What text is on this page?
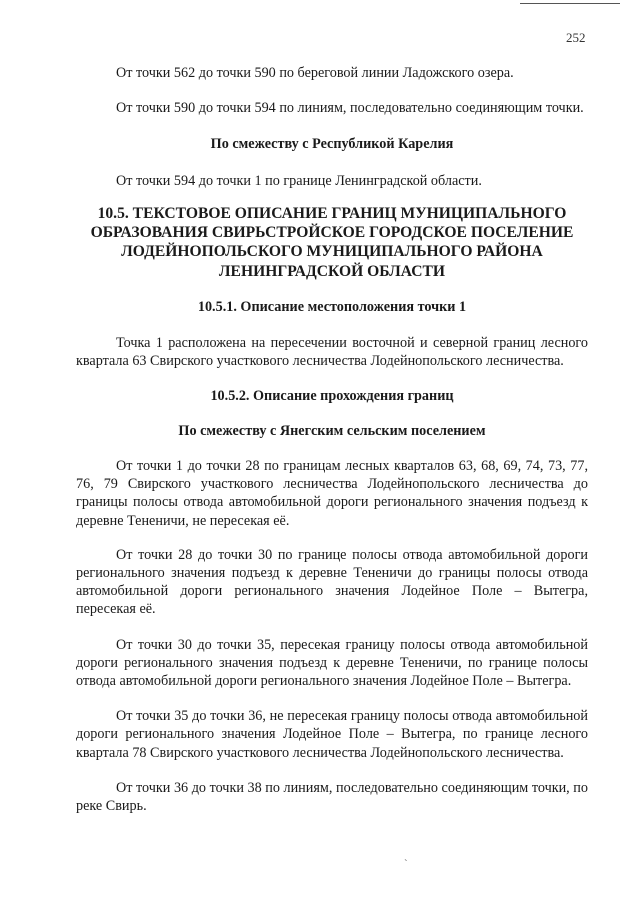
252

От точки 562 до точки 590 по береговой линии Ладожского озера.

От точки 590 до точки 594 по линиям, последовательно соединяющим точки.

По смежеству с Республикой Карелия

От точки 594 до точки 1 по границе Ленинградской области.

10.5. ТЕКСТОВОЕ ОПИСАНИЕ ГРАНИЦ МУНИЦИПАЛЬНОГО ОБРАЗОВАНИЯ СВИРЬСТРОЙСКОЕ ГОРОДСКОЕ ПОСЕЛЕНИЕ ЛОДЕЙНОПОЛЬСКОГО МУНИЦИПАЛЬНОГО РАЙОНА ЛЕНИНГРАДСКОЙ ОБЛАСТИ
10.5.1. Описание местоположения точки 1

Точка 1 расположена на пересечении восточной и северной границ лесного квартала 63 Свирского участкового лесничества Лодейнопольского лесничества.

10.5.2. Описание прохождения границ
По смежеству с Янегским сельским поселением

От точки 1 до точки 28 по границам лесных кварталов 63, 68, 69, 74, 73, 77, 76, 79 Свирского участкового лесничества Лодейнопольского лесничества до границы полосы отвода автомобильной дороги регионального значения подъезд к деревне Тененичи, не пересекая её.

От точки 28 до точки 30 по границе полосы отвода автомобильной дороги регионального значения подъезд к деревне Тененичи до границы полосы отвода автомобильной дороги регионального значения Лодейное Поле – Вытегра, пересекая её.

От точки 30 до точки 35, пересекая границу полосы отвода автомобильной дороги регионального значения подъезд к деревне Тененичи, по границе полосы отвода автомобильной дороги регионального значения Лодейное Поле – Вытегра.

От точки 35 до точки 36, не пересекая границу полосы отвода автомобильной дороги регионального значения Лодейное Поле – Вытегра, по границе лесного квартала 78 Свирского участкового лесничества Лодейнопольского лесничества.

От точки 36 до точки 38 по линиям, последовательно соединяющим точки, по реке Свирь.

`
